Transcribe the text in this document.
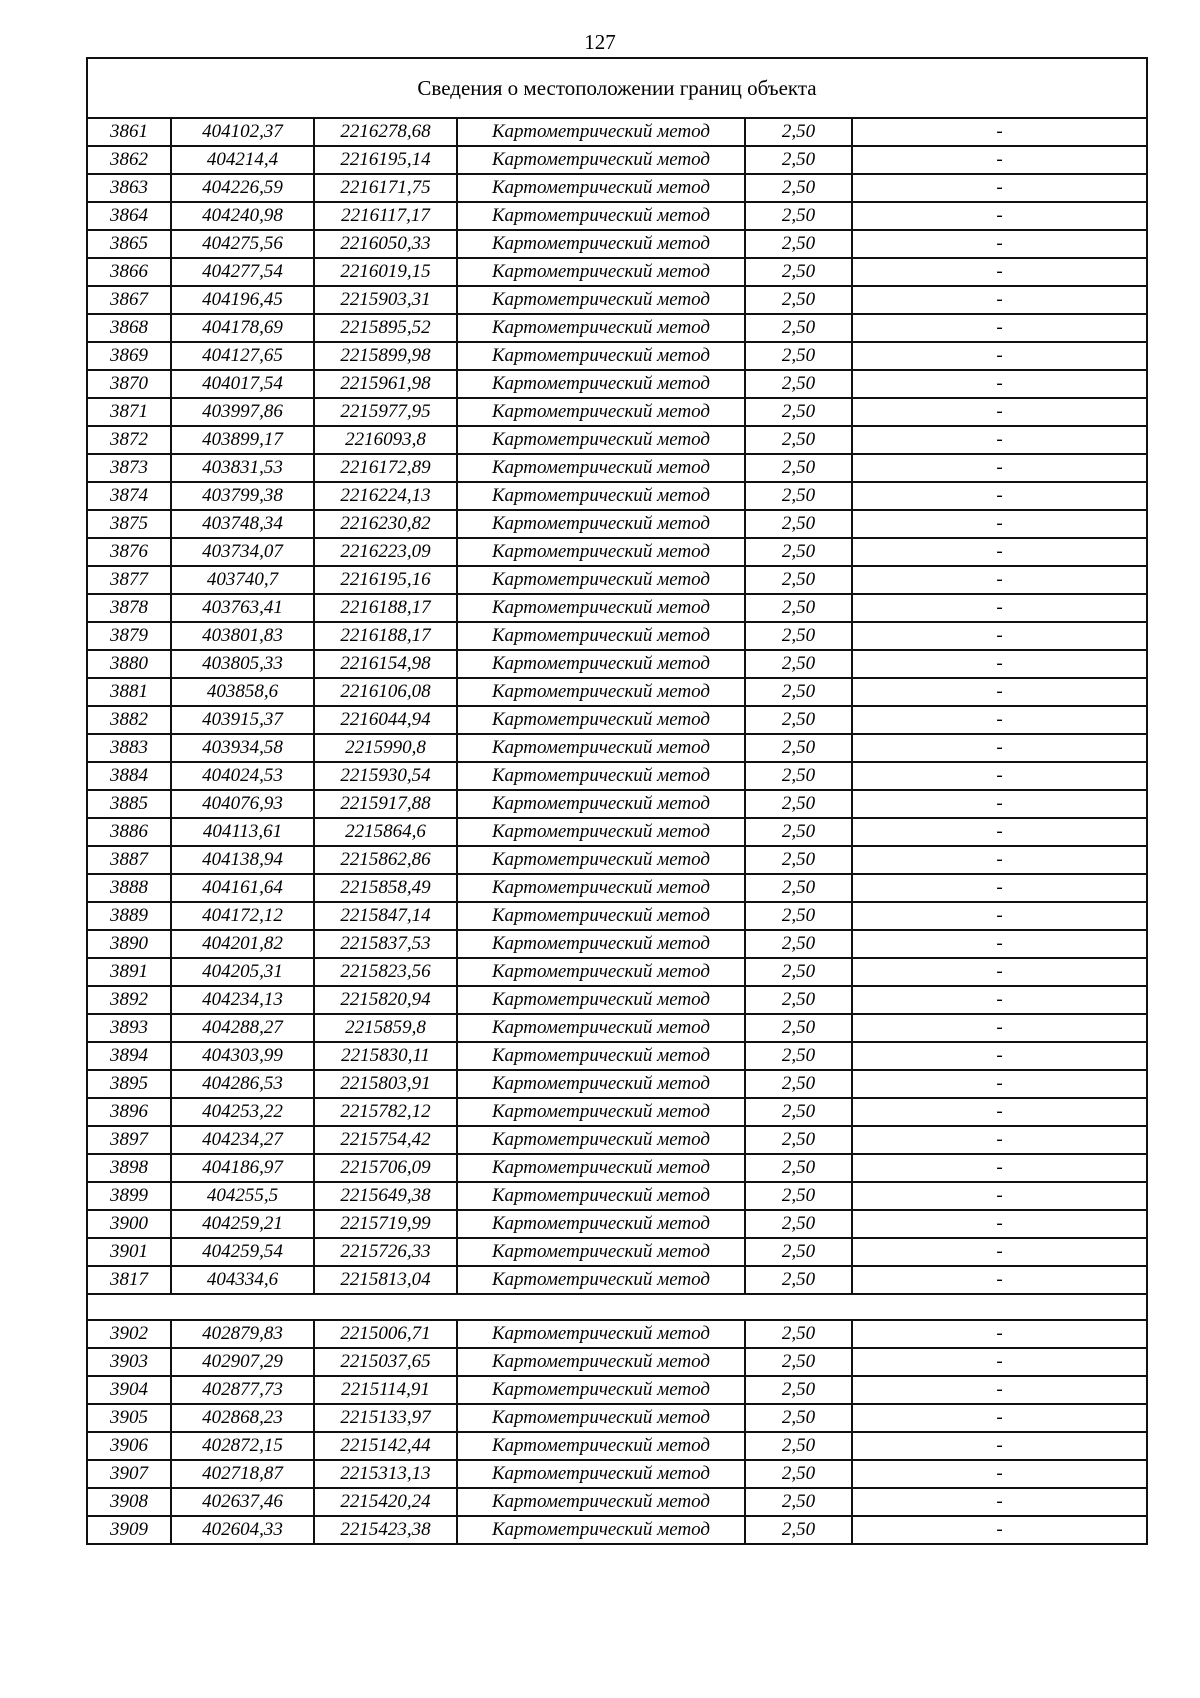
127
Сведения о местоположении границ объекта					
3861	404102,37	2216278,68	Картометрический метод	2,50	-
3862	404214,4	2216195,14	Картометрический метод	2,50	-
3863	404226,59	2216171,75	Картометрический метод	2,50	-
3864	404240,98	2216117,17	Картометрический метод	2,50	-
3865	404275,56	2216050,33	Картометрический метод	2,50	-
3866	404277,54	2216019,15	Картометрический метод	2,50	-
3867	404196,45	2215903,31	Картометрический метод	2,50	-
3868	404178,69	2215895,52	Картометрический метод	2,50	-
3869	404127,65	2215899,98	Картометрический метод	2,50	-
3870	404017,54	2215961,98	Картометрический метод	2,50	-
3871	403997,86	2215977,95	Картометрический метод	2,50	-
3872	403899,17	2216093,8	Картометрический метод	2,50	-
3873	403831,53	2216172,89	Картометрический метод	2,50	-
3874	403799,38	2216224,13	Картометрический метод	2,50	-
3875	403748,34	2216230,82	Картометрический метод	2,50	-
3876	403734,07	2216223,09	Картометрический метод	2,50	-
3877	403740,7	2216195,16	Картометрический метод	2,50	-
3878	403763,41	2216188,17	Картометрический метод	2,50	-
3879	403801,83	2216188,17	Картометрический метод	2,50	-
3880	403805,33	2216154,98	Картометрический метод	2,50	-
3881	403858,6	2216106,08	Картометрический метод	2,50	-
3882	403915,37	2216044,94	Картометрический метод	2,50	-
3883	403934,58	2215990,8	Картометрический метод	2,50	-
3884	404024,53	2215930,54	Картометрический метод	2,50	-
3885	404076,93	2215917,88	Картометрический метод	2,50	-
3886	404113,61	2215864,6	Картометрический метод	2,50	-
3887	404138,94	2215862,86	Картометрический метод	2,50	-
3888	404161,64	2215858,49	Картометрический метод	2,50	-
3889	404172,12	2215847,14	Картометрический метод	2,50	-
3890	404201,82	2215837,53	Картометрический метод	2,50	-
3891	404205,31	2215823,56	Картометрический метод	2,50	-
3892	404234,13	2215820,94	Картометрический метод	2,50	-
3893	404288,27	2215859,8	Картометрический метод	2,50	-
3894	404303,99	2215830,11	Картометрический метод	2,50	-
3895	404286,53	2215803,91	Картометрический метод	2,50	-
3896	404253,22	2215782,12	Картометрический метод	2,50	-
3897	404234,27	2215754,42	Картометрический метод	2,50	-
3898	404186,97	2215706,09	Картометрический метод	2,50	-
3899	404255,5	2215649,38	Картометрический метод	2,50	-
3900	404259,21	2215719,99	Картометрический метод	2,50	-
3901	404259,54	2215726,33	Картометрический метод	2,50	-
3817	404334,6	2215813,04	Картометрический метод	2,50	-

3902	402879,83	2215006,71	Картометрический метод	2,50	-
3903	402907,29	2215037,65	Картометрический метод	2,50	-
3904	402877,73	2215114,91	Картометрический метод	2,50	-
3905	402868,23	2215133,97	Картометрический метод	2,50	-
3906	402872,15	2215142,44	Картометрический метод	2,50	-
3907	402718,87	2215313,13	Картометрический метод	2,50	-
3908	402637,46	2215420,24	Картометрический метод	2,50	-
3909	402604,33	2215423,38	Картометрический метод	2,50	-
